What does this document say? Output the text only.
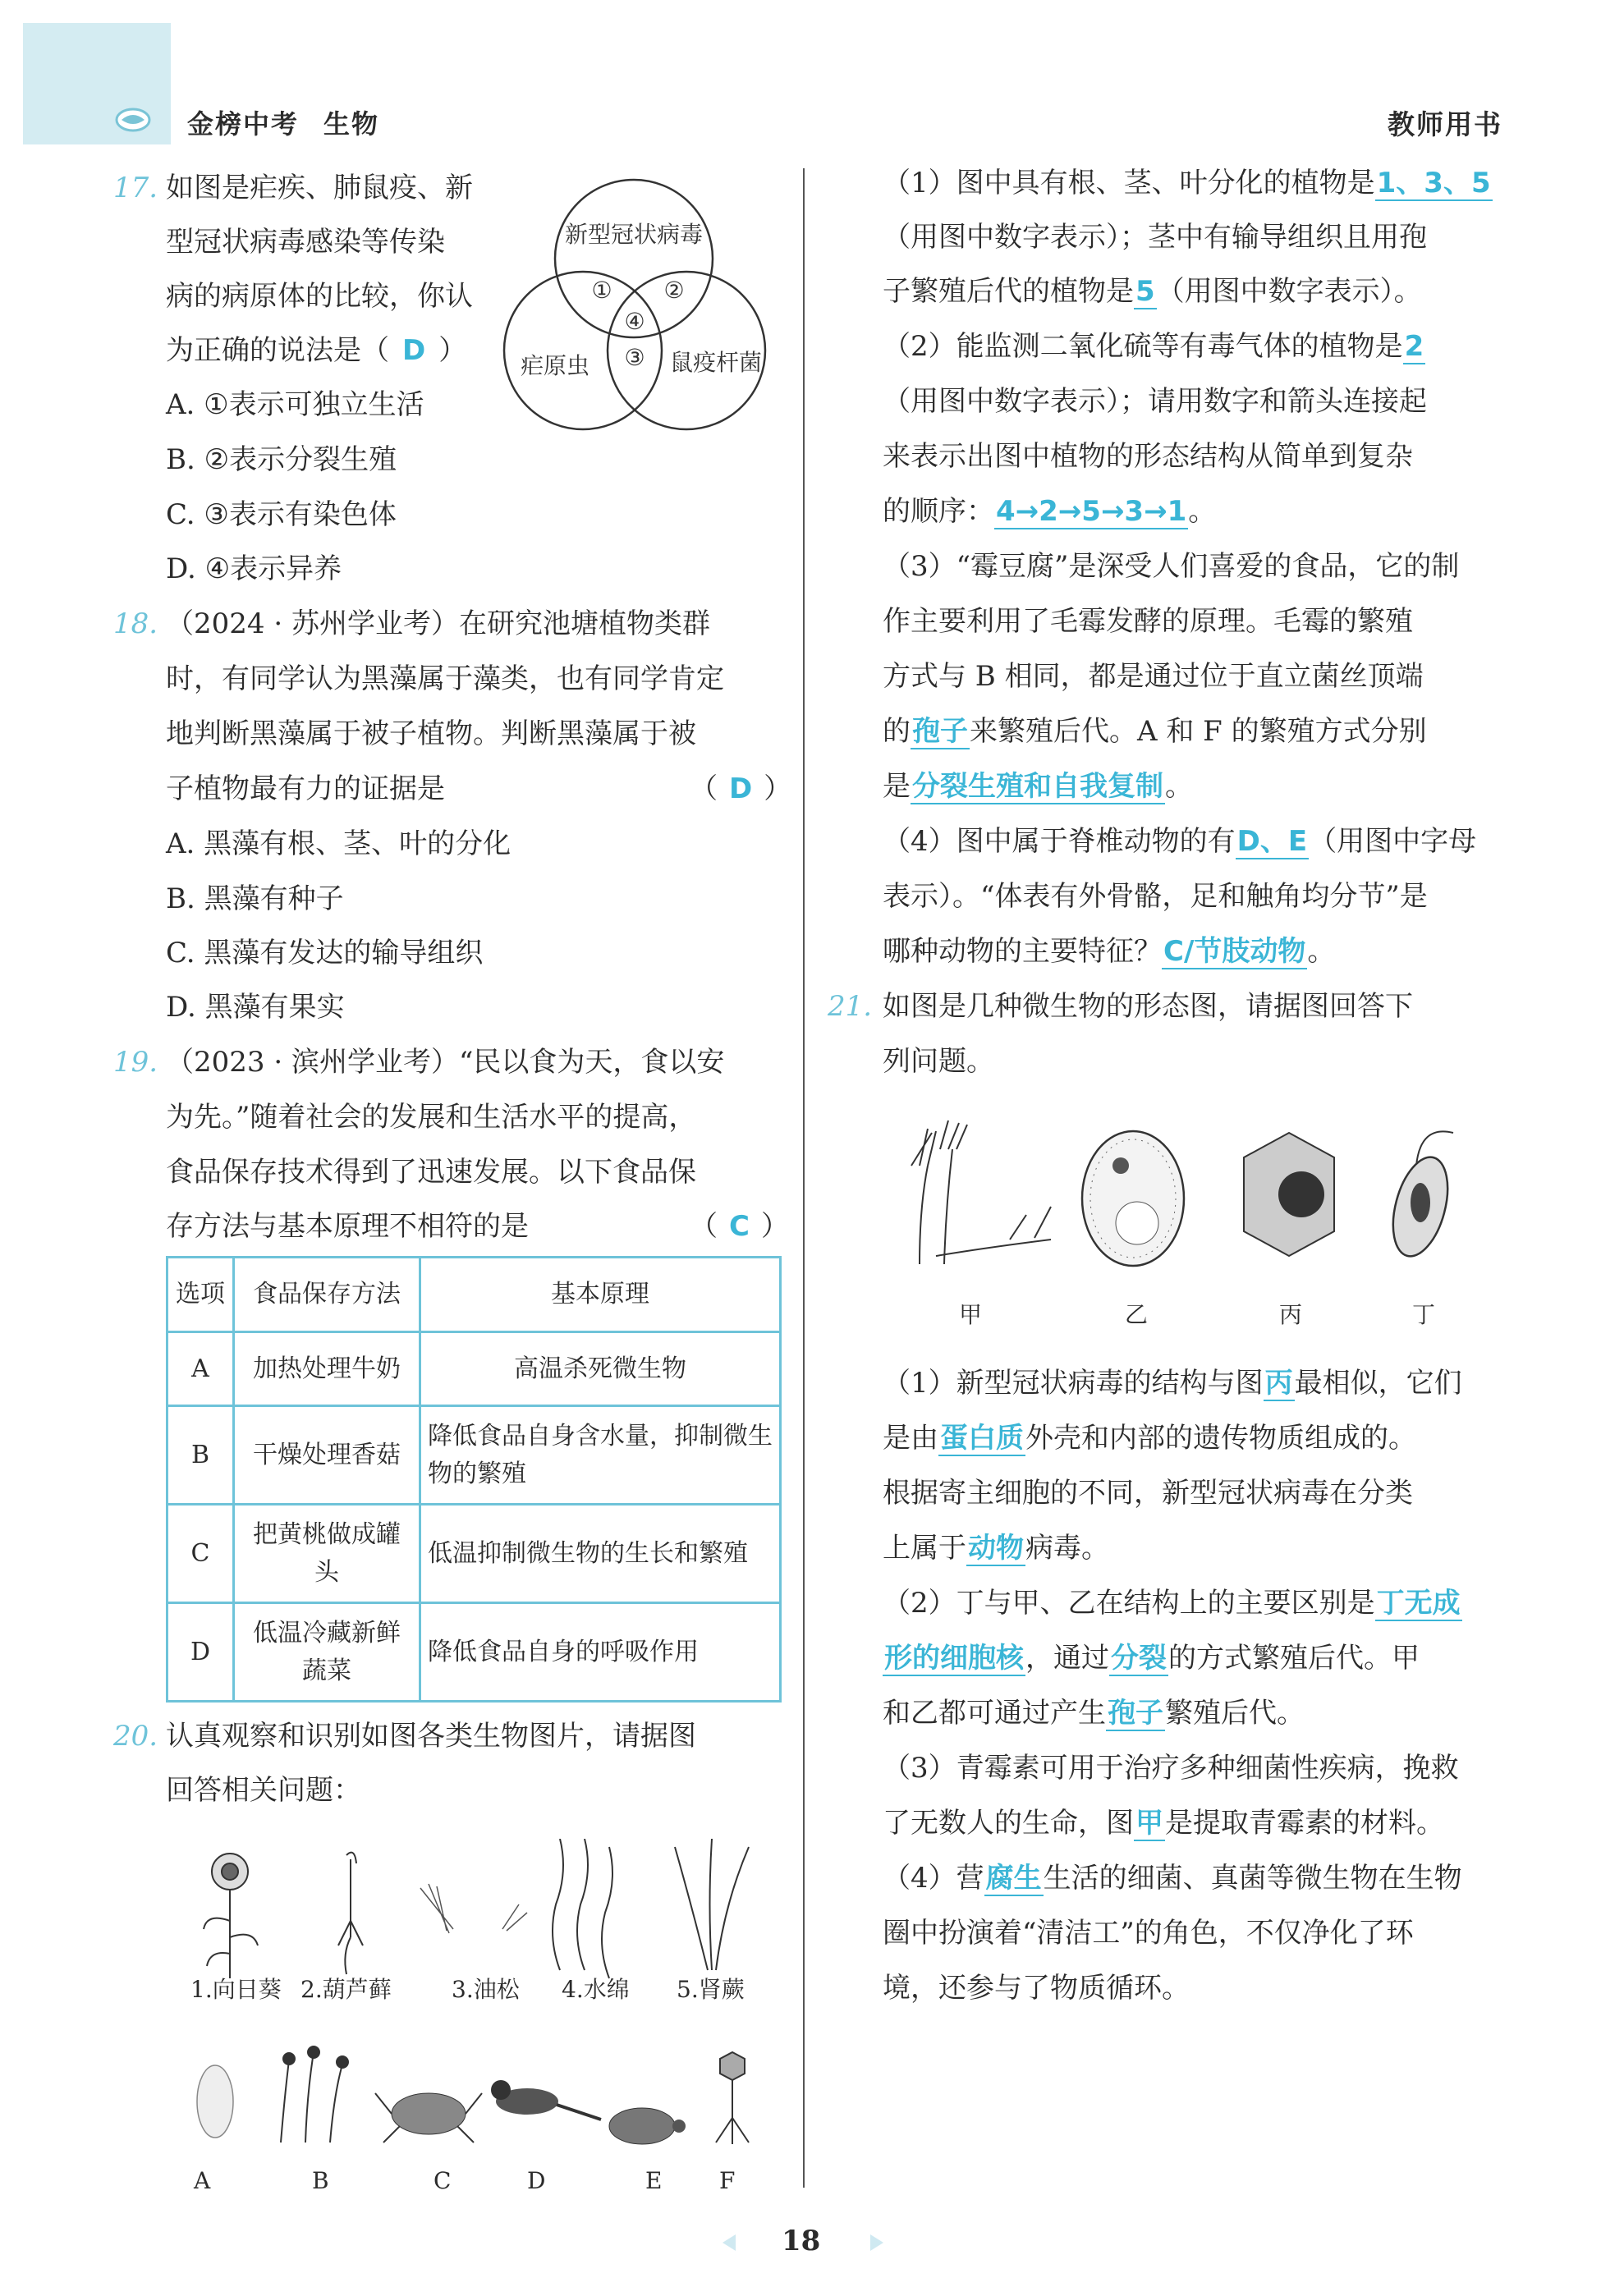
金榜中考 生物	教师用书
17. 如图是疟疾、肺鼠疫、新
型冠状病毒感染等传染
病的病原体的比较，你认
为正确的说法是（ D ）
A. ①表示可独立生活
B. ②表示分裂生殖
C. ③表示有染色体
D. ④表示异养
新型冠状病毒
疟原虫	鼠疫杆菌
① ②
③
④
18. （2024 · 苏州学业考）在研究池塘植物类群
时，有同学认为黑藻属于藻类，也有同学肯定
地判断黑藻属于被子植物。判断黑藻属于被
子植物最有力的证据是	（ D ）
A. 黑藻有根、茎、叶的分化
B. 黑藻有种子
C. 黑藻有发达的输导组织
D. 黑藻有果实
19. （2023 · 滨州学业考）“民以食为天，食以安
为先。”随着社会的发展和生活水平的提高，
食品保存技术得到了迅速发展。以下食品保
存方法与基本原理不相符的是	（ C ）
选项	食品保存方法	基本原理
A	加热处理牛奶	高温杀死微生物
B	干燥处理香菇	降低食品自身含水量，抑制微生物的繁殖
C	把黄桃做成罐头	低温抑制微生物的生长和繁殖
D	低温冷藏新鲜蔬菜	降低食品自身的呼吸作用
20. 认真观察和识别如图各类生物图片，请据图
回答相关问题：
1.向日葵 2.葫芦藓	3.油松 4.水绵 5.肾蕨
A	B	C	D	E F
（1）图中具有根、茎、叶分化的植物是1、3、5
（用图中数字表示）；茎中有输导组织且用孢
子繁殖后代的植物是5（用图中数字表示）。
（2）能监测二氧化硫等有毒气体的植物是2
（用图中数字表示）；请用数字和箭头连接起
来表示出图中植物的形态结构从简单到复杂
的顺序：4→2→5→3→1。
（3）“霉豆腐”是深受人们喜爱的食品，它的制
作主要利用了毛霉发酵的原理。毛霉的繁殖
方式与 B 相同，都是通过位于直立菌丝顶端
的孢子来繁殖后代。A 和 F 的繁殖方式分别
是分裂生殖和自我复制。
（4）图中属于脊椎动物的有D、E（用图中字母
表示）。“体表有外骨骼，足和触角均分节”是
哪种动物的主要特征？C/节肢动物。
21. 如图是几种微生物的形态图，请据图回答下
列问题。
甲	乙	丙	丁
（1）新型冠状病毒的结构与图丙最相似，它们
是由蛋白质外壳和内部的遗传物质组成的。
根据寄主细胞的不同，新型冠状病毒在分类
上属于动物病毒。
（2）丁与甲、乙在结构上的主要区别是丁无成
形的细胞核，通过分裂的方式繁殖后代。甲
和乙都可通过产生孢子繁殖后代。
（3）青霉素可用于治疗多种细菌性疾病，挽救
了无数人的生命，图甲是提取青霉素的材料。
（4）营腐生生活的细菌、真菌等微生物在生物
圈中扮演着“清洁工”的角色，不仅净化了环
境，还参与了物质循环。
18
